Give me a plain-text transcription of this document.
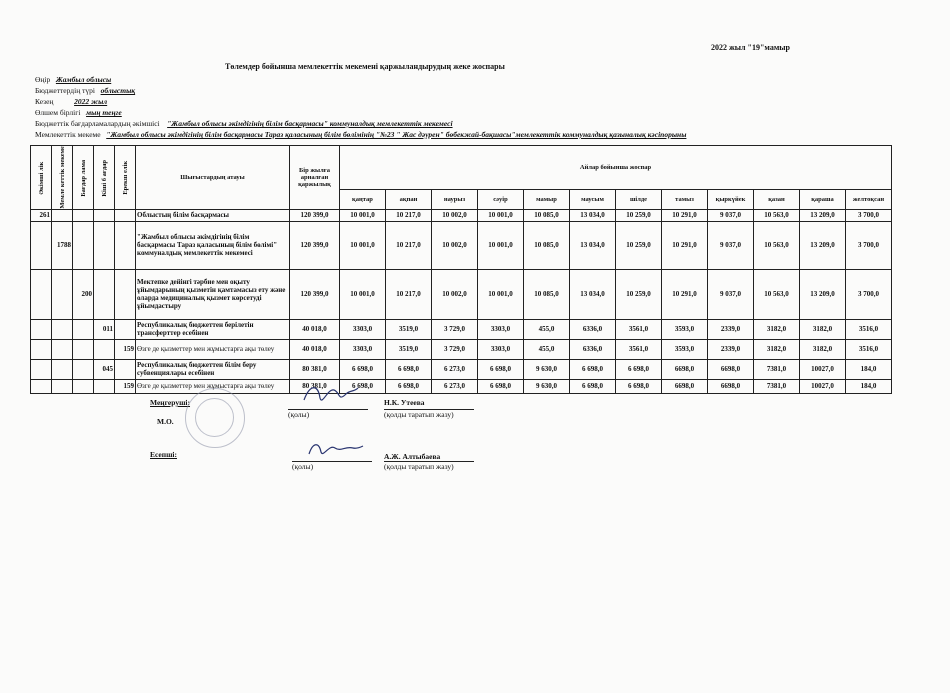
2022 жыл "19"мамыр
Төлемдер бойынша мемлекеттік мекемені қаржыландырудың жеке жоспары
Өңір Жамбыл облысы
Бюджеттердің түрі облыстық
Кезең	2022 жыл
Өлшем бірлігі мың теңге
Бюджеттік бағдарламалардың әкімшісі "Жамбыл облысы әкімдігінің білім басқармасы" коммуналдық мемлекеттік мекемесі
Мемлекеттік мекеме "Жамбыл облысы әкімдігінің білім басқармасы Тараз қаласының білім бөлімінің "№23 " Жас дәурен" бөбекжай-бақшасы"мемлекеттік коммуналдық қазыналық кәсіпорыны
Әкімші лік	Мемле кеттік мекеме	Бағдар лама	Кіші б ағдар	Ерекш елік	Шығыстардың атауы	Бір жылға арналған қаржылық	Айлар бойынша жоспар											
							қаңтар	ақпан	наурыз	сәуір	мамыр	маусым	шілде	тамыз	қыркүйек	қазан	қараша	желтоқсан
261					Облыстың білім басқармасы	120 399,0	10 001,0	10 217,0	10 002,0	10 001,0	10 085,0	13 034,0	10 259,0	10 291,0	9 037,0	10 563,0	13 209,0	3 700,0
	1788				"Жамбыл облысы әкімдігінің білім басқармасы Тараз қаласының білім бөлімі" коммуналдық мемлекеттік мекемесі	120 399,0	10 001,0	10 217,0	10 002,0	10 001,0	10 085,0	13 034,0	10 259,0	10 291,0	9 037,0	10 563,0	13 209,0	3 700,0
		200			Мектепке дейінгі тәрбие мен оқыту ұйымдарының қызметін қамтамасыз ету және оларда медициналық қызмет көрсетуді ұйымдастыру	120 399,0	10 001,0	10 217,0	10 002,0	10 001,0	10 085,0	13 034,0	10 259,0	10 291,0	9 037,0	10 563,0	13 209,0	3 700,0
			011		Республикалық бюджеттен берілетін трансферттер есебінен	40 018,0	3303,0	3519,0	3 729,0	3303,0	455,0	6336,0	3561,0	3593,0	2339,0	3182,0	3182,0	3516,0
				159	Өзге де қызметтер мен жұмыстарға ақы төлеу	40 018,0	3303,0	3519,0	3 729,0	3303,0	455,0	6336,0	3561,0	3593,0	2339,0	3182,0	3182,0	3516,0
			045		Республикалық бюджеттен білім беру субвенциялары есебінен	80 381,0	6 698,0	6 698,0	6 273,0	6 698,0	9 630,0	6 698,0	6 698,0	6698,0	6698,0	7381,0	10027,0	184,0
				159	Өзге де қызметтер мен жұмыстарға ақы төлеу	80 381,0	6 698,0	6 698,0	6 273,0	6 698,0	9 630,0	6 698,0	6 698,0	6698,0	6698,0	7381,0	10027,0	184,0
Меңгеруші:
М.О.
Н.К. Утеева
(қолы)	(қолды таратып жазу)
Есепші:	А.Ж. Алтыбаева
(қолы)	(қолды таратып жазу)
